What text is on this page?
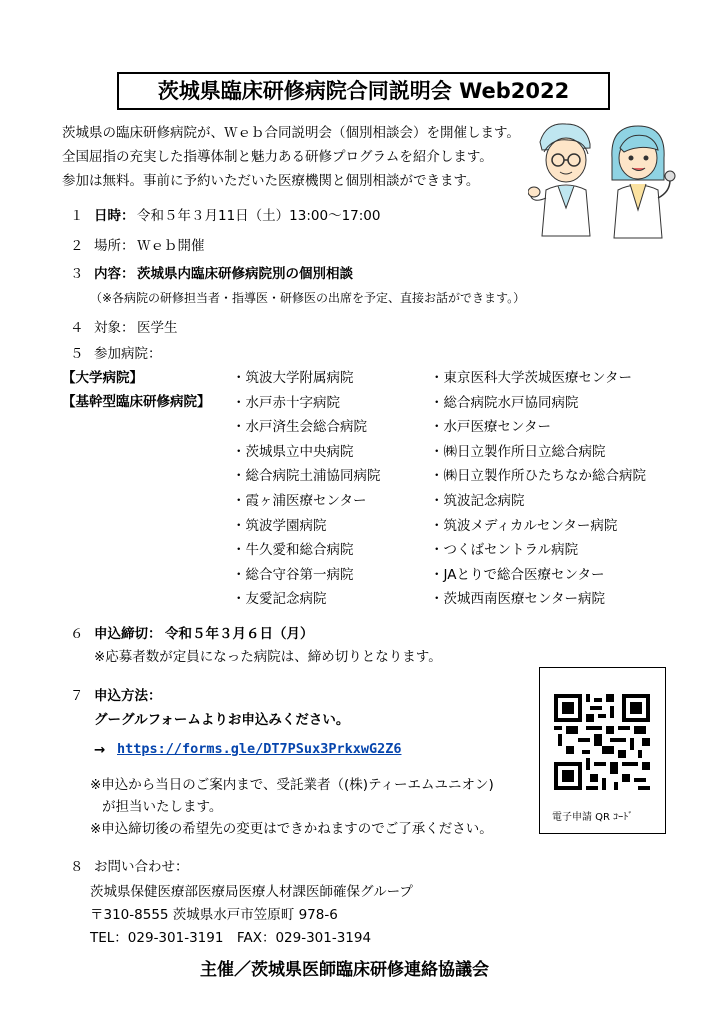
茨城県臨床研修病院合同説明会 Web2022
茨城県の臨床研修病院が、Ｗｅｂ合同説明会（個別相談会）を開催します。
全国屈指の充実した指導体制と魅力ある研修プログラムを紹介します。
参加は無料。事前に予約いただいた医療機関と個別相談ができます。
１ 日時： 令和５年３月11日（土）13:00～17:00
２ 場所： Ｗｅｂ開催
３ 内容： 茨城県内臨床研修病院別の個別相談
（※各病院の研修担当者・指導医・研修医の出席を予定、直接お話ができます。）
４ 対象： 医学生
５ 参加病院：
【大学病院】
【基幹型臨床研修病院】
・筑波大学附属病院
・水戸赤十字病院
・水戸済生会総合病院
・茨城県立中央病院
・総合病院土浦協同病院
・霞ヶ浦医療センター
・筑波学園病院
・牛久愛和総合病院
・総合守谷第一病院
・友愛記念病院
・東京医科大学茨城医療センター
・総合病院水戸協同病院
・水戸医療センター
・㈱日立製作所日立総合病院
・㈱日立製作所ひたちなか総合病院
・筑波記念病院
・筑波メディカルセンター病院
・つくばセントラル病院
・JAとりで総合医療センター
・茨城西南医療センター病院
６ 申込締切： 令和５年３月６日（月）
※応募者数が定員になった病院は、締め切りとなります。
７ 申込方法：
グーグルフォームよりお申込みください。
→ https://forms.gle/DT7PSux3PrkxwG2Z6
※申込から当日のご案内まで、受託業者（(株)ティーエムユニオン)
が担当いたします。
※申込締切後の希望先の変更はできかねますのでご了承ください。
電子申請 QR ｺｰﾄﾞ
８ お問い合わせ：
茨城県保健医療部医療局医療人材課医師確保グループ
〒310-8555 茨城県水戸市笠原町 978-6
TEL：029-301-3191　FAX：029-301-3194
主催／茨城県医師臨床研修連絡協議会
